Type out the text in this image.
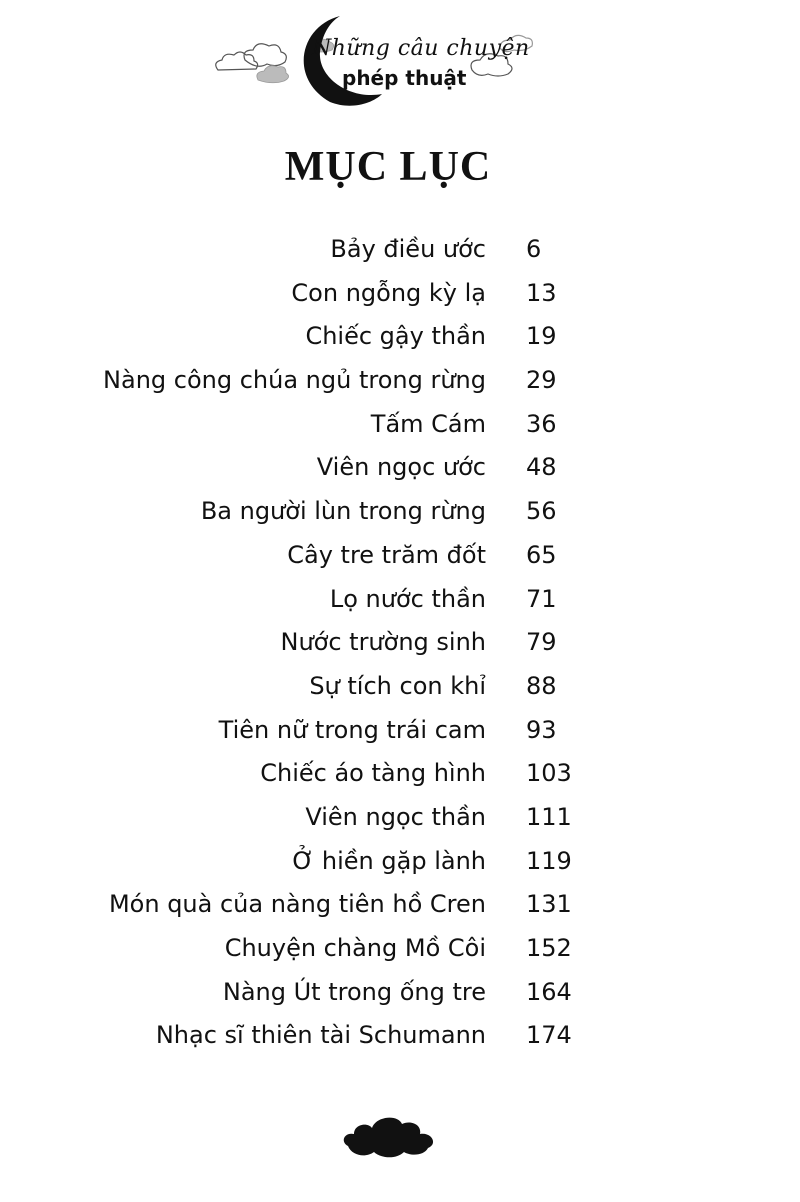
Những câu chuyện
phép thuật
MỤC LỤC
Bảy điều ước 6
Con ngỗng kỳ lạ 13
Chiếc gậy thần 19
Nàng công chúa ngủ trong rừng 29
Tấm Cám 36
Viên ngọc ước 48
Ba người lùn trong rừng 56
Cây tre trăm đốt 65
Lọ nước thần 71
Nước trường sinh 79
Sự tích con khỉ 88
Tiên nữ trong trái cam 93
Chiếc áo tàng hình 103
Viên ngọc thần 111
Ở hiền gặp lành 119
Món quà của nàng tiên hồ Cren 131
Chuyện chàng Mồ Côi 152
Nàng Út trong ống tre 164
Nhạc sĩ thiên tài Schumann 174
